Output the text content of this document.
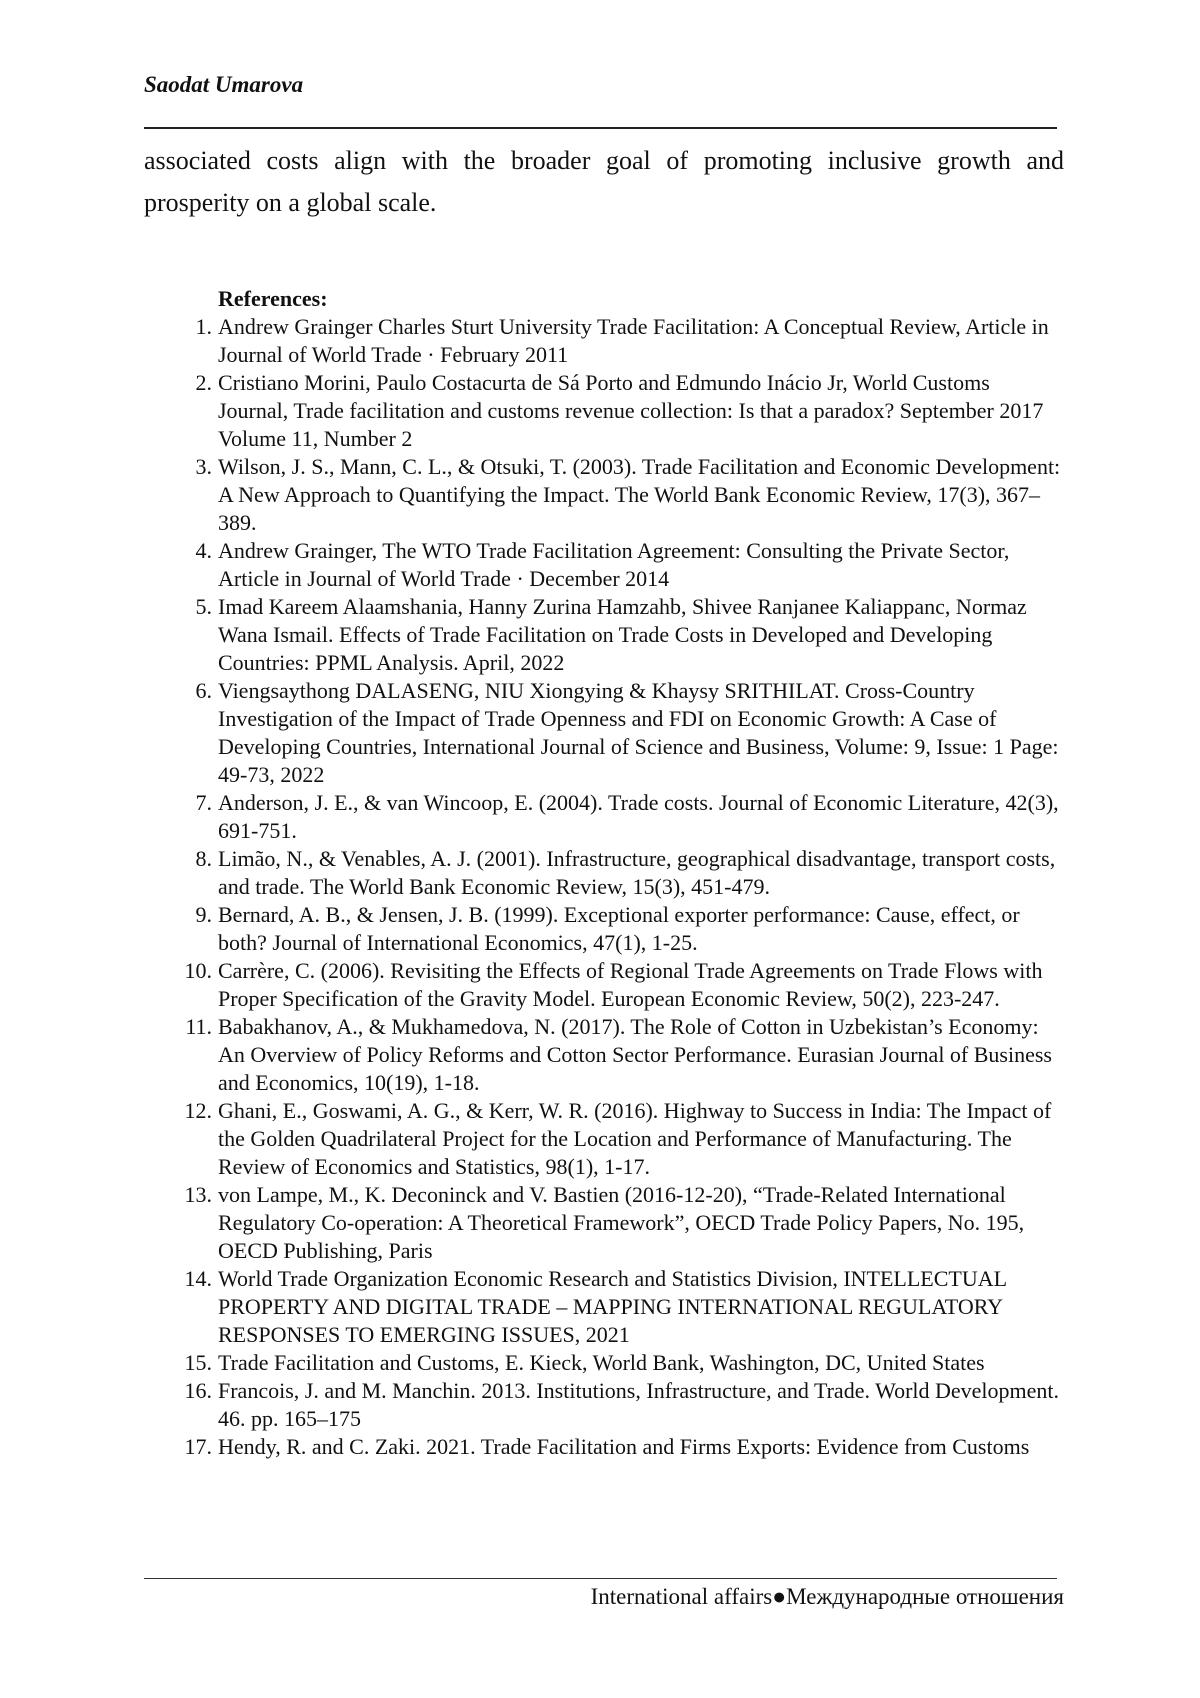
Saodat Umarova

associated costs align with the broader goal of promoting inclusive growth and prosperity on a global scale.

References:
1. Andrew Grainger Charles Sturt University Trade Facilitation: A Conceptual Review, Article in Journal of World Trade · February 2011
2. Cristiano Morini, Paulo Costacurta de Sá Porto and Edmundo Inácio Jr, World Customs Journal, Trade facilitation and customs revenue collection: Is that a paradox? September 2017 Volume 11, Number 2
3. Wilson, J. S., Mann, C. L., & Otsuki, T. (2003). Trade Facilitation and Economic Development: A New Approach to Quantifying the Impact. The World Bank Economic Review, 17(3), 367–389.
4. Andrew Grainger, The WTO Trade Facilitation Agreement: Consulting the Private Sector, Article in Journal of World Trade · December 2014
5. Imad Kareem Alaamshania, Hanny Zurina Hamzahb, Shivee Ranjanee Kaliappanc, Normaz Wana Ismail. Effects of Trade Facilitation on Trade Costs in Developed and Developing Countries: PPML Analysis. April, 2022
6. Viengsaythong DALASENG, NIU Xiongying & Khaysy SRITHILAT. Cross-Country Investigation of the Impact of Trade Openness and FDI on Economic Growth: A Case of Developing Countries, International Journal of Science and Business, Volume: 9, Issue: 1 Page: 49-73, 2022
7. Anderson, J. E., & van Wincoop, E. (2004). Trade costs. Journal of Economic Literature, 42(3), 691-751.
8. Limão, N., & Venables, A. J. (2001). Infrastructure, geographical disadvantage, transport costs, and trade. The World Bank Economic Review, 15(3), 451-479.
9. Bernard, A. B., & Jensen, J. B. (1999). Exceptional exporter performance: Cause, effect, or both? Journal of International Economics, 47(1), 1-25.
10. Carrère, C. (2006). Revisiting the Effects of Regional Trade Agreements on Trade Flows with Proper Specification of the Gravity Model. European Economic Review, 50(2), 223-247.
11. Babakhanov, A., & Mukhamedova, N. (2017). The Role of Cotton in Uzbekistan’s Economy: An Overview of Policy Reforms and Cotton Sector Performance. Eurasian Journal of Business and Economics, 10(19), 1-18.
12. Ghani, E., Goswami, A. G., & Kerr, W. R. (2016). Highway to Success in India: The Impact of the Golden Quadrilateral Project for the Location and Performance of Manufacturing. The Review of Economics and Statistics, 98(1), 1-17.
13. von Lampe, M., K. Deconinck and V. Bastien (2016-12-20), “Trade-Related International Regulatory Co-operation: A Theoretical Framework”, OECD Trade Policy Papers, No. 195, OECD Publishing, Paris
14. World Trade Organization Economic Research and Statistics Division, INTELLECTUAL PROPERTY AND DIGITAL TRADE – MAPPING INTERNATIONAL REGULATORY RESPONSES TO EMERGING ISSUES, 2021
15. Trade Facilitation and Customs, E. Kieck, World Bank, Washington, DC, United States
16. Francois, J. and M. Manchin. 2013. Institutions, Infrastructure, and Trade. World Development. 46. pp. 165–175
17. Hendy, R. and C. Zaki. 2021. Trade Facilitation and Firms Exports: Evidence from Customs
International affairs●Международные отношения
